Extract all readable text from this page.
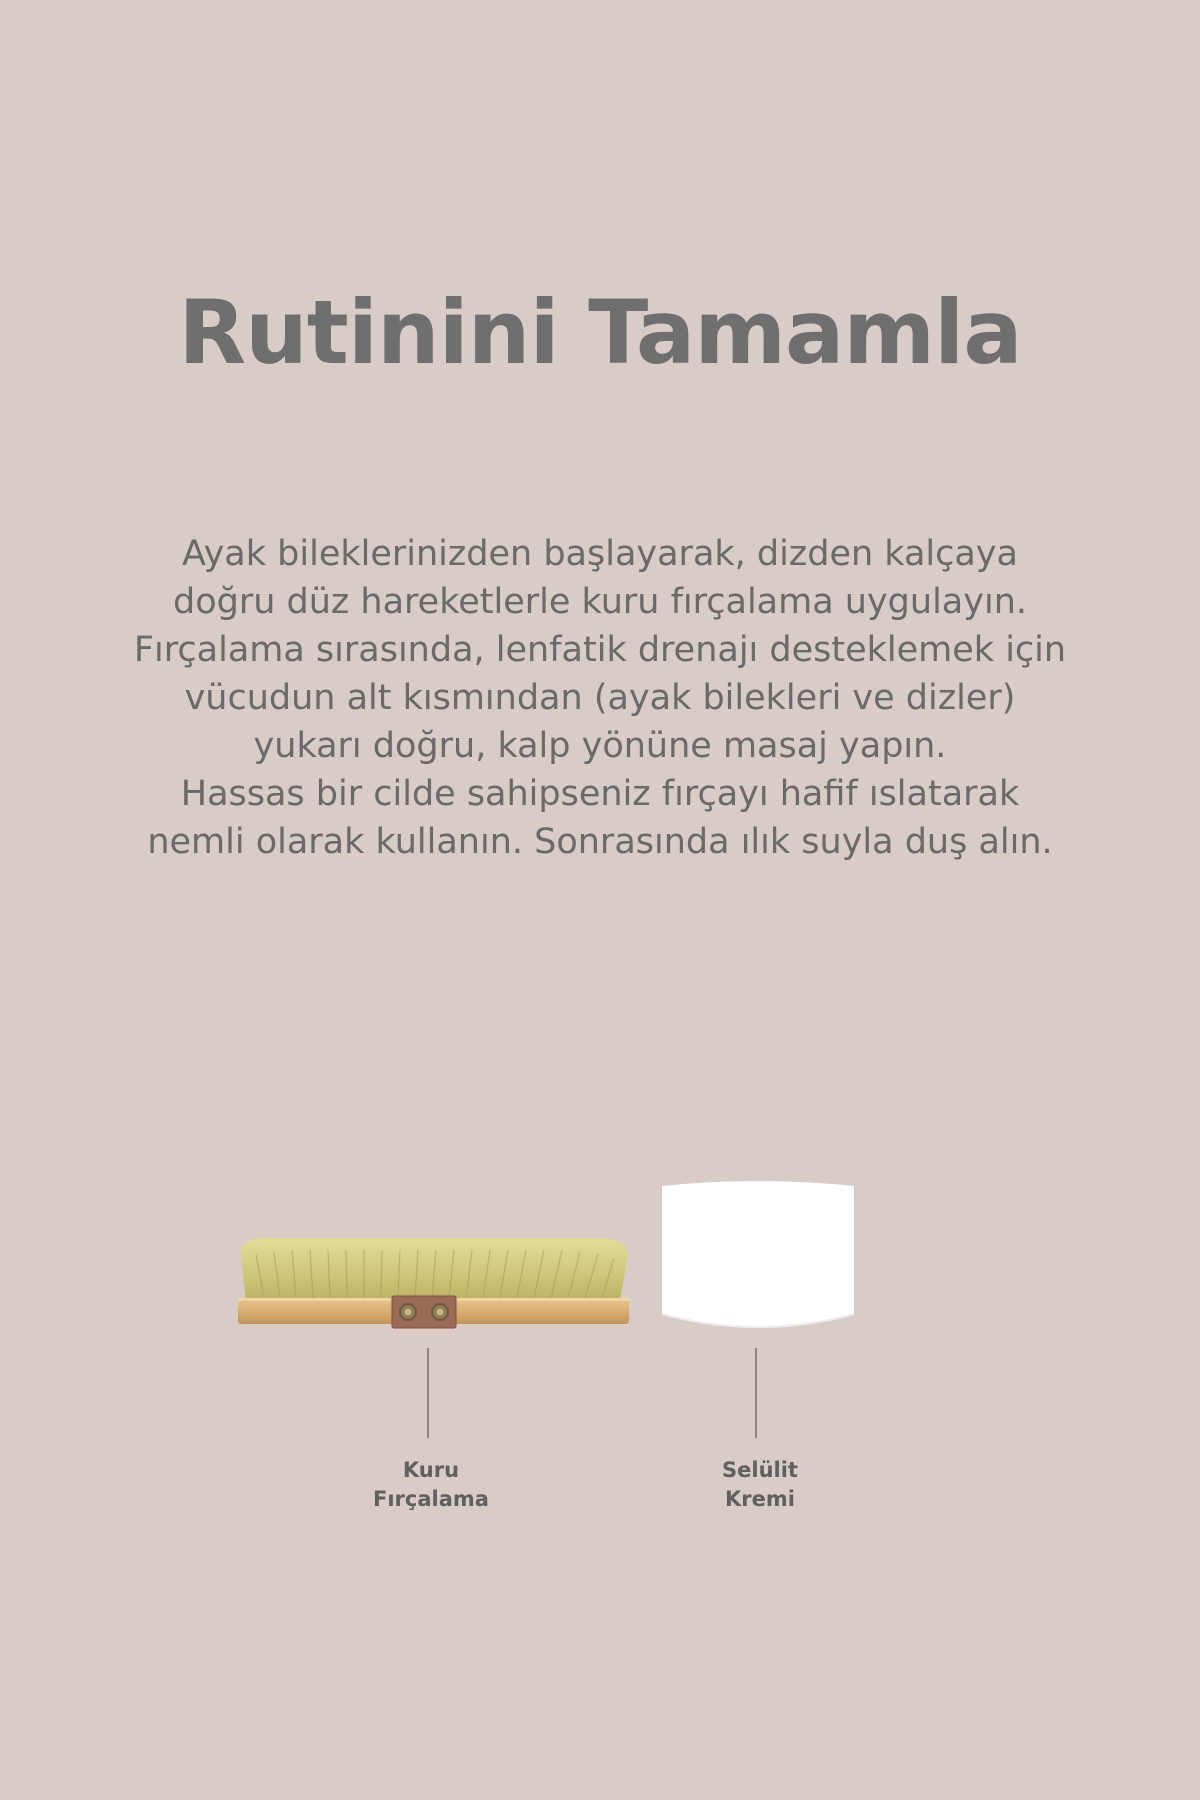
Rutinini Tamamla
Ayak bileklerinizden başlayarak, dizden kalçaya
doğru düz hareketlerle kuru fırçalama uygulayın.
Fırçalama sırasında, lenfatik drenajı desteklemek için
vücudun alt kısmından (ayak bilekleri ve dizler)
yukarı doğru, kalp yönüne masaj yapın.
Hassas bir cilde sahipseniz fırçayı hafif ıslatarak
nemli olarak kullanın. Sonrasında ılık suyla duş alın.
Kuru
Fırçalama
Selülit
Kremi
